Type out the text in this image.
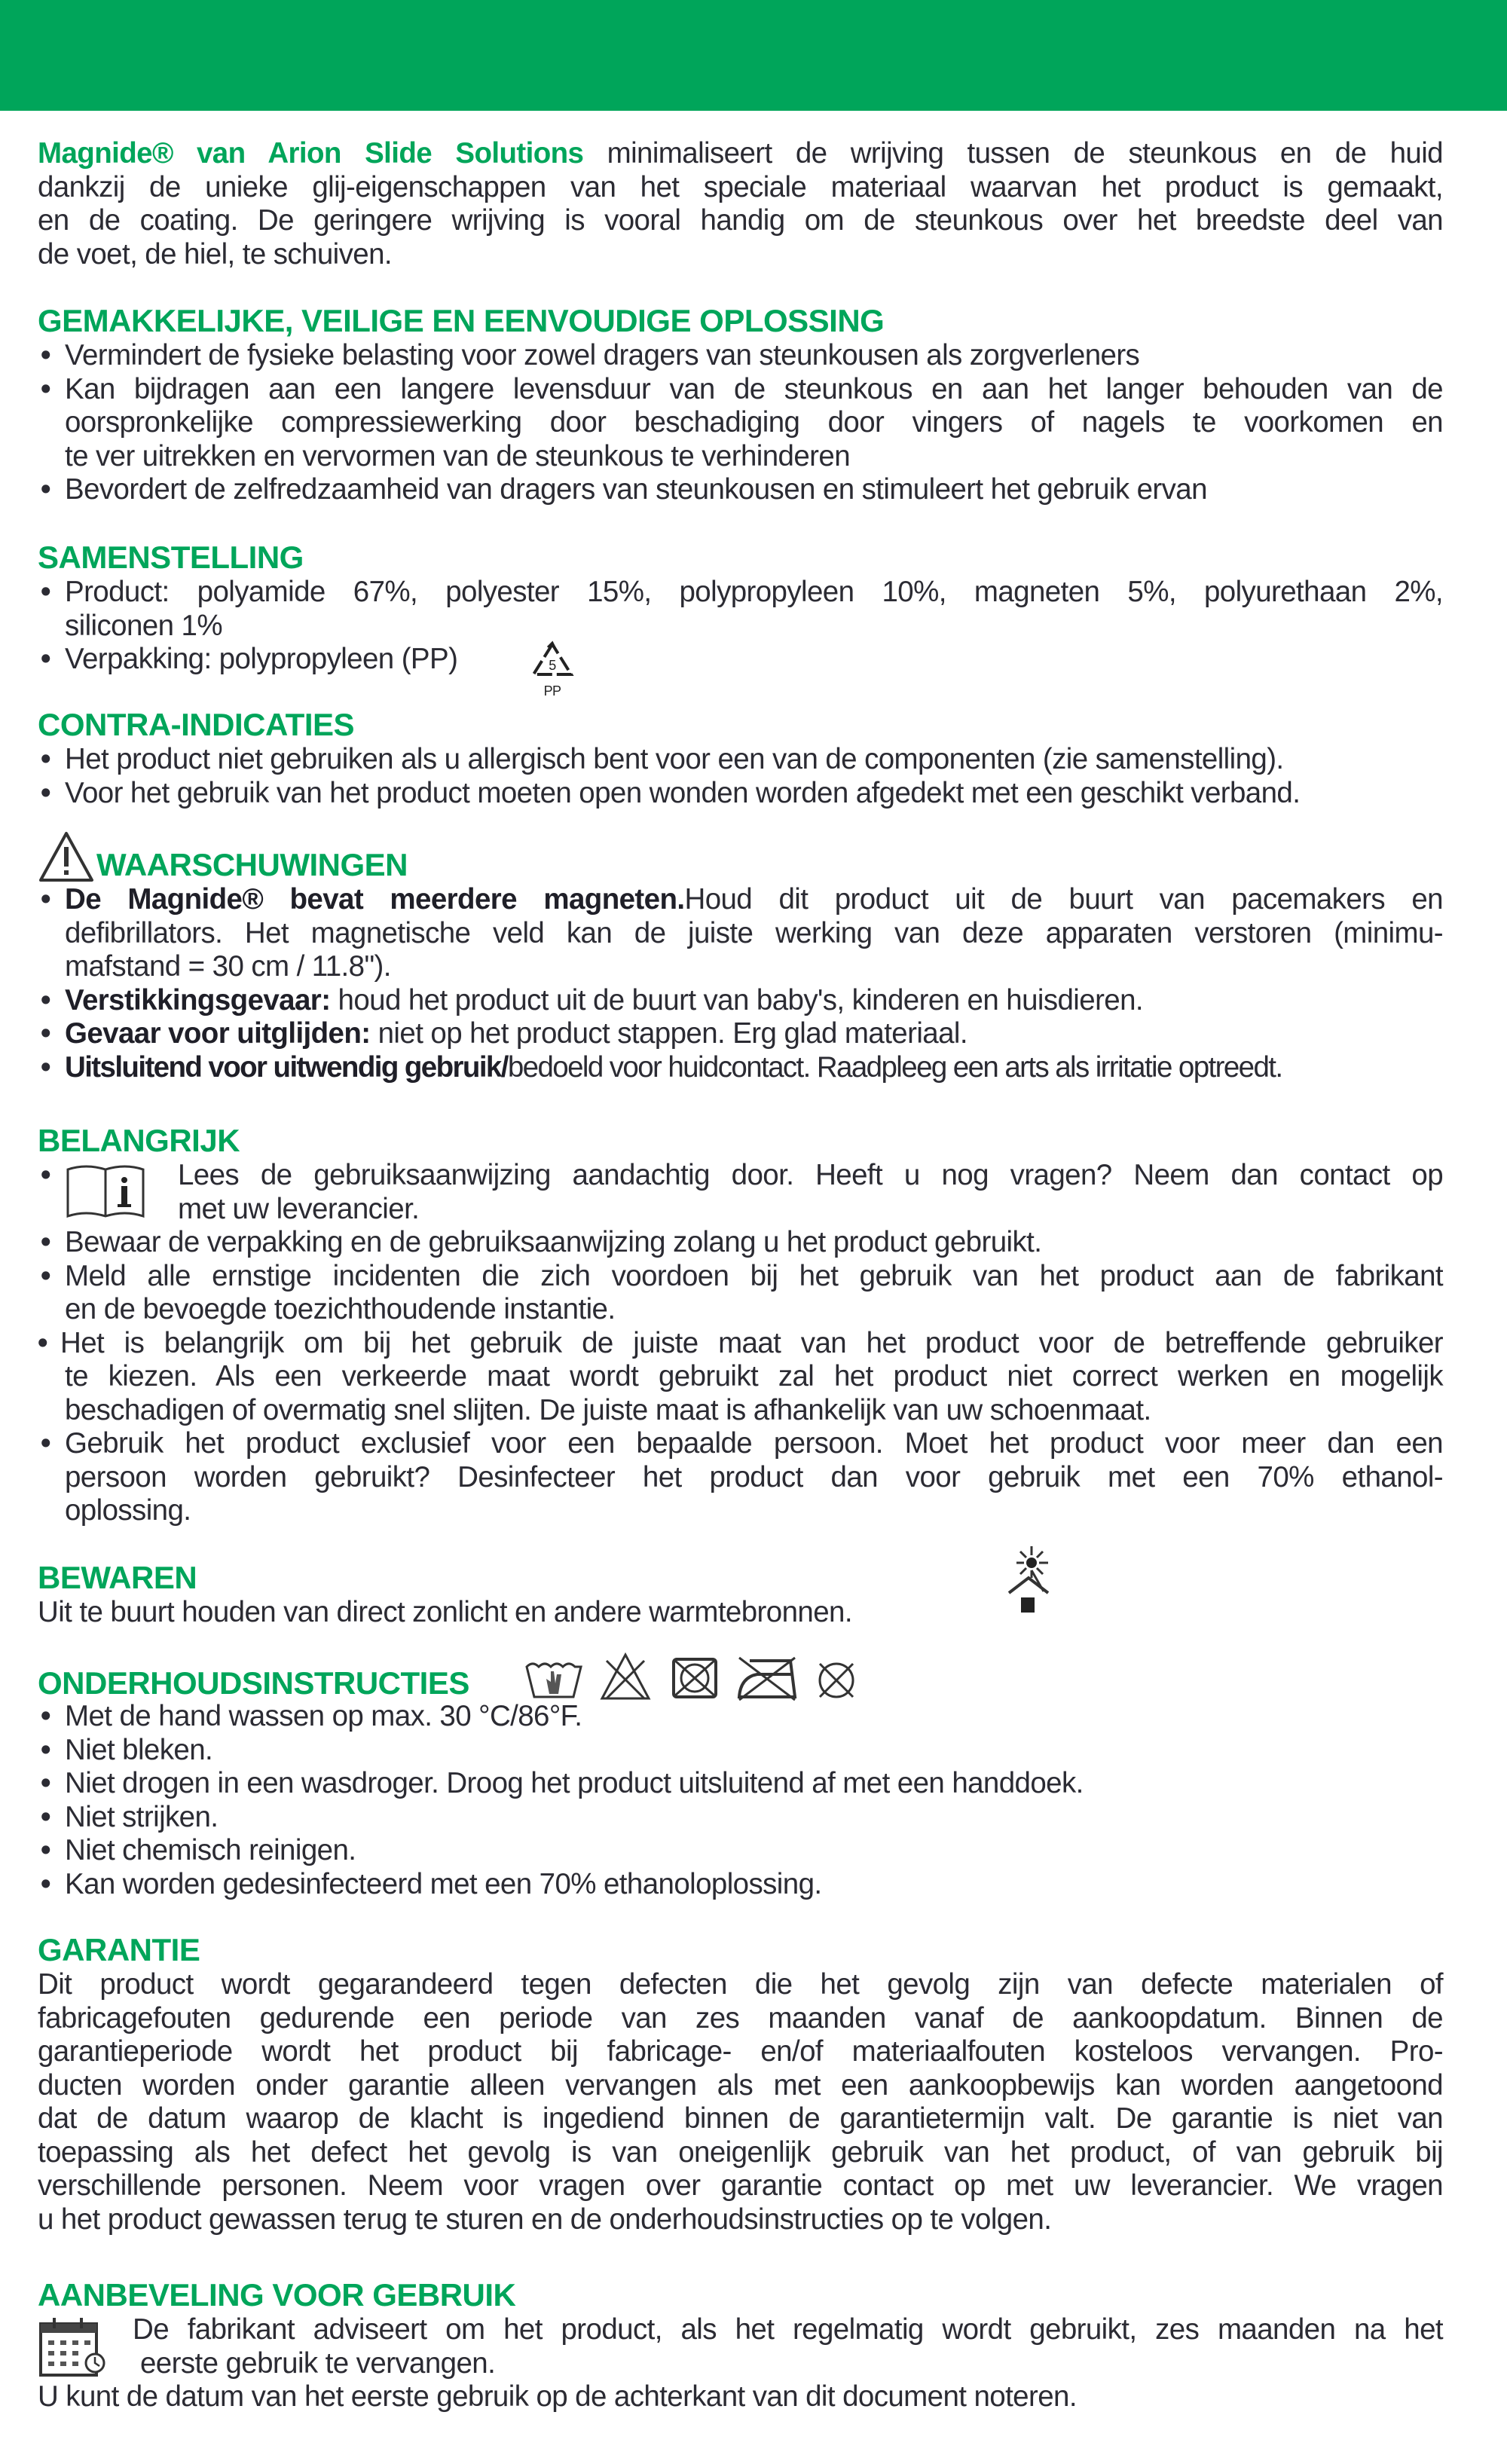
Magnide® van Arion Slide Solutions minimaliseert de wrijving tussen de steunkous en de huid
dankzij de unieke glij-eigenschappen van het speciale materiaal waarvan het product is gemaakt,
en de coating. De geringere wrijving is vooral handig om de steunkous over het breedste deel van
de voet, de hiel, te schuiven.
GEMAKKELIJKE, VEILIGE EN EENVOUDIGE OPLOSSING
• Vermindert de fysieke belasting voor zowel dragers van steunkousen als zorgverleners
• Kan bijdragen aan een langere levensduur van de steunkous en aan het langer behouden van de
oorspronkelijke compressiewerking door beschadiging door vingers of nagels te voorkomen en
te ver uitrekken en vervormen van de steunkous te verhinderen
• Bevordert de zelfredzaamheid van dragers van steunkousen en stimuleert het gebruik ervan
SAMENSTELLING
• Product: polyamide 67%, polyester 15%, polypropyleen 10%, magneten 5%, polyurethaan 2%,
siliconen 1%
• Verpakking: polypropyleen (PP)	5
PP
CONTRA-INDICATIES
• Het product niet gebruiken als u allergisch bent voor een van de componenten (zie samenstelling).
• Voor het gebruik van het product moeten open wonden worden afgedekt met een geschikt verband.
WAARSCHUWINGEN
• De Magnide® bevat meerdere magneten.Houd dit product uit de buurt van pacemakers en
defibrillators. Het magnetische veld kan de juiste werking van deze apparaten verstoren (minimu-
mafstand = 30 cm / 11.8").
• Verstikkingsgevaar: houd het product uit de buurt van baby's, kinderen en huisdieren.
• Gevaar voor uitglijden: niet op het product stappen. Erg glad materiaal.
• Uitsluitend voor uitwendig gebruik/bedoeld voor huidcontact. Raadpleeg een arts als irritatie optreedt.
BELANGRIJK
•	Lees de gebruiksaanwijzing aandachtig door. Heeft u nog vragen? Neem dan contact op
met uw leverancier.
• Bewaar de verpakking en de gebruiksaanwijzing zolang u het product gebruikt.
• Meld alle ernstige incidenten die zich voordoen bij het gebruik van het product aan de fabrikant
en de bevoegde toezichthoudende instantie.
• Het is belangrijk om bij het gebruik de juiste maat van het product voor de betreffende gebruiker
te kiezen. Als een verkeerde maat wordt gebruikt zal het product niet correct werken en mogelijk
beschadigen of overmatig snel slijten. De juiste maat is afhankelijk van uw schoenmaat.
• Gebruik het product exclusief voor een bepaalde persoon. Moet het product voor meer dan een
persoon worden gebruikt? Desinfecteer het product dan voor gebruik met een 70% ethanol-
oplossing.
BEWAREN
Uit te buurt houden van direct zonlicht en andere warmtebronnen.
ONDERHOUDSINSTRUCTIES
• Met de hand wassen op max. 30 °C/86°F.
• Niet bleken.
• Niet drogen in een wasdroger. Droog het product uitsluitend af met een handdoek.
• Niet strijken.
• Niet chemisch reinigen.
• Kan worden gedesinfecteerd met een 70% ethanoloplossing.
GARANTIE
Dit product wordt gegarandeerd tegen defecten die het gevolg zijn van defecte materialen of
fabricagefouten gedurende een periode van zes maanden vanaf de aankoopdatum. Binnen de
garantieperiode wordt het product bij fabricage- en/of materiaalfouten kosteloos vervangen. Pro-
ducten worden onder garantie alleen vervangen als met een aankoopbewijs kan worden aangetoond
dat de datum waarop de klacht is ingediend binnen de garantietermijn valt. De garantie is niet van
toepassing als het defect het gevolg is van oneigenlijk gebruik van het product, of van gebruik bij
verschillende personen. Neem voor vragen over garantie contact op met uw leverancier. We vragen
u het product gewassen terug te sturen en de onderhoudsinstructies op te volgen.
AANBEVELING VOOR GEBRUIK
De fabrikant adviseert om het product, als het regelmatig wordt gebruikt, zes maanden na het
eerste gebruik te vervangen.
U kunt de datum van het eerste gebruik op de achterkant van dit document noteren.
